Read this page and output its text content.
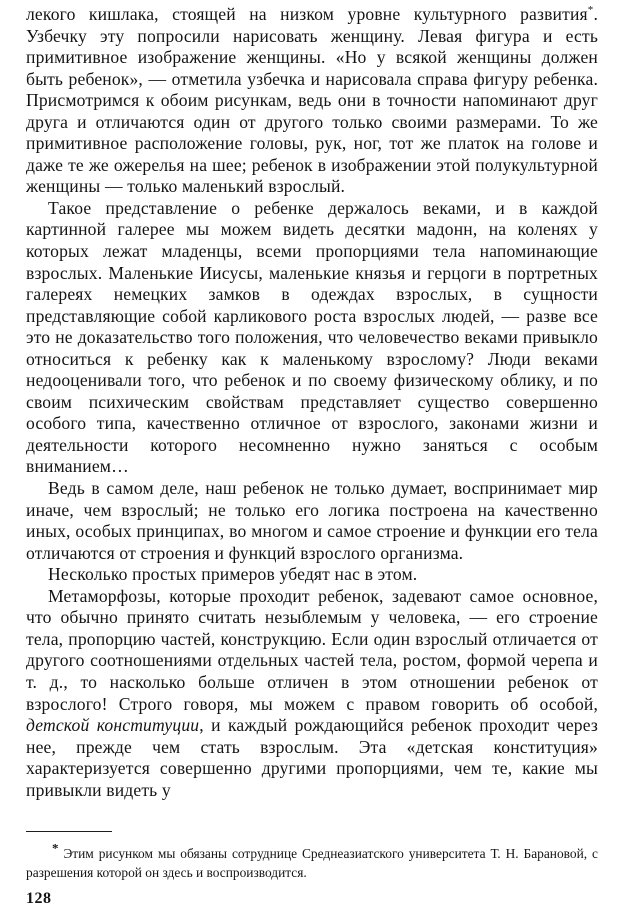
лекого кишлака, стоящей на низком уровне культурного развития*. Узбечку эту попросили нарисовать женщину. Левая фигура и есть примитивное изображение женщины. «Но у всякой женщины должен быть ребенок», — отметила узбечка и нарисовала справа фигуру ребенка. Присмотримся к обоим рисункам, ведь они в точности напоминают друг друга и отличаются один от другого только своими размерами. То же примитивное расположение головы, рук, ног, тот же платок на голове и даже те же ожерелья на шее; ребенок в изображении этой полукультурной женщины — только маленький взрослый.

Такое представление о ребенке держалось веками, и в каждой картинной галерее мы можем видеть десятки мадонн, на коленях у которых лежат младенцы, всеми пропорциями тела напоминающие взрослых. Маленькие Иисусы, маленькие князья и герцоги в портретных галереях немецких замков в одеждах взрослых, в сущности представляющие собой карликового роста взрослых людей, — разве все это не доказательство того положения, что человечество веками привыкло относиться к ребенку как к маленькому взрослому? Люди веками недооценивали того, что ребенок и по своему физическому облику, и по своим психическим свойствам представляет существо совершенно особого типа, качественно отличное от взрослого, законами жизни и деятельности которого несомненно нужно заняться с особым вниманием…

Ведь в самом деле, наш ребенок не только думает, воспринимает мир иначе, чем взрослый; не только его логика построена на качественно иных, особых принципах, во многом и самое строение и функции его тела отличаются от строения и функций взрослого организма.

Несколько простых примеров убедят нас в этом.

Метаморфозы, которые проходит ребенок, задевают самое основное, что обычно принято считать незыблемым у человека, — его строение тела, пропорцию частей, конструкцию. Если один взрослый отличается от другого соотношениями отдельных частей тела, ростом, формой черепа и т. д., то насколько больше отличен в этом отношении ребенок от взрослого! Строго говоря, мы можем с правом говорить об особой, детской конституции, и каждый рождающийся ребенок проходит через нее, прежде чем стать взрослым. Эта «детская конституция» характеризуется совершенно другими пропорциями, чем те, какие мы привыкли видеть у

* Этим рисунком мы обязаны сотруднице Среднеазиатского университета Т. Н. Барановой, с разрешения которой он здесь и воспроизводится.

128
